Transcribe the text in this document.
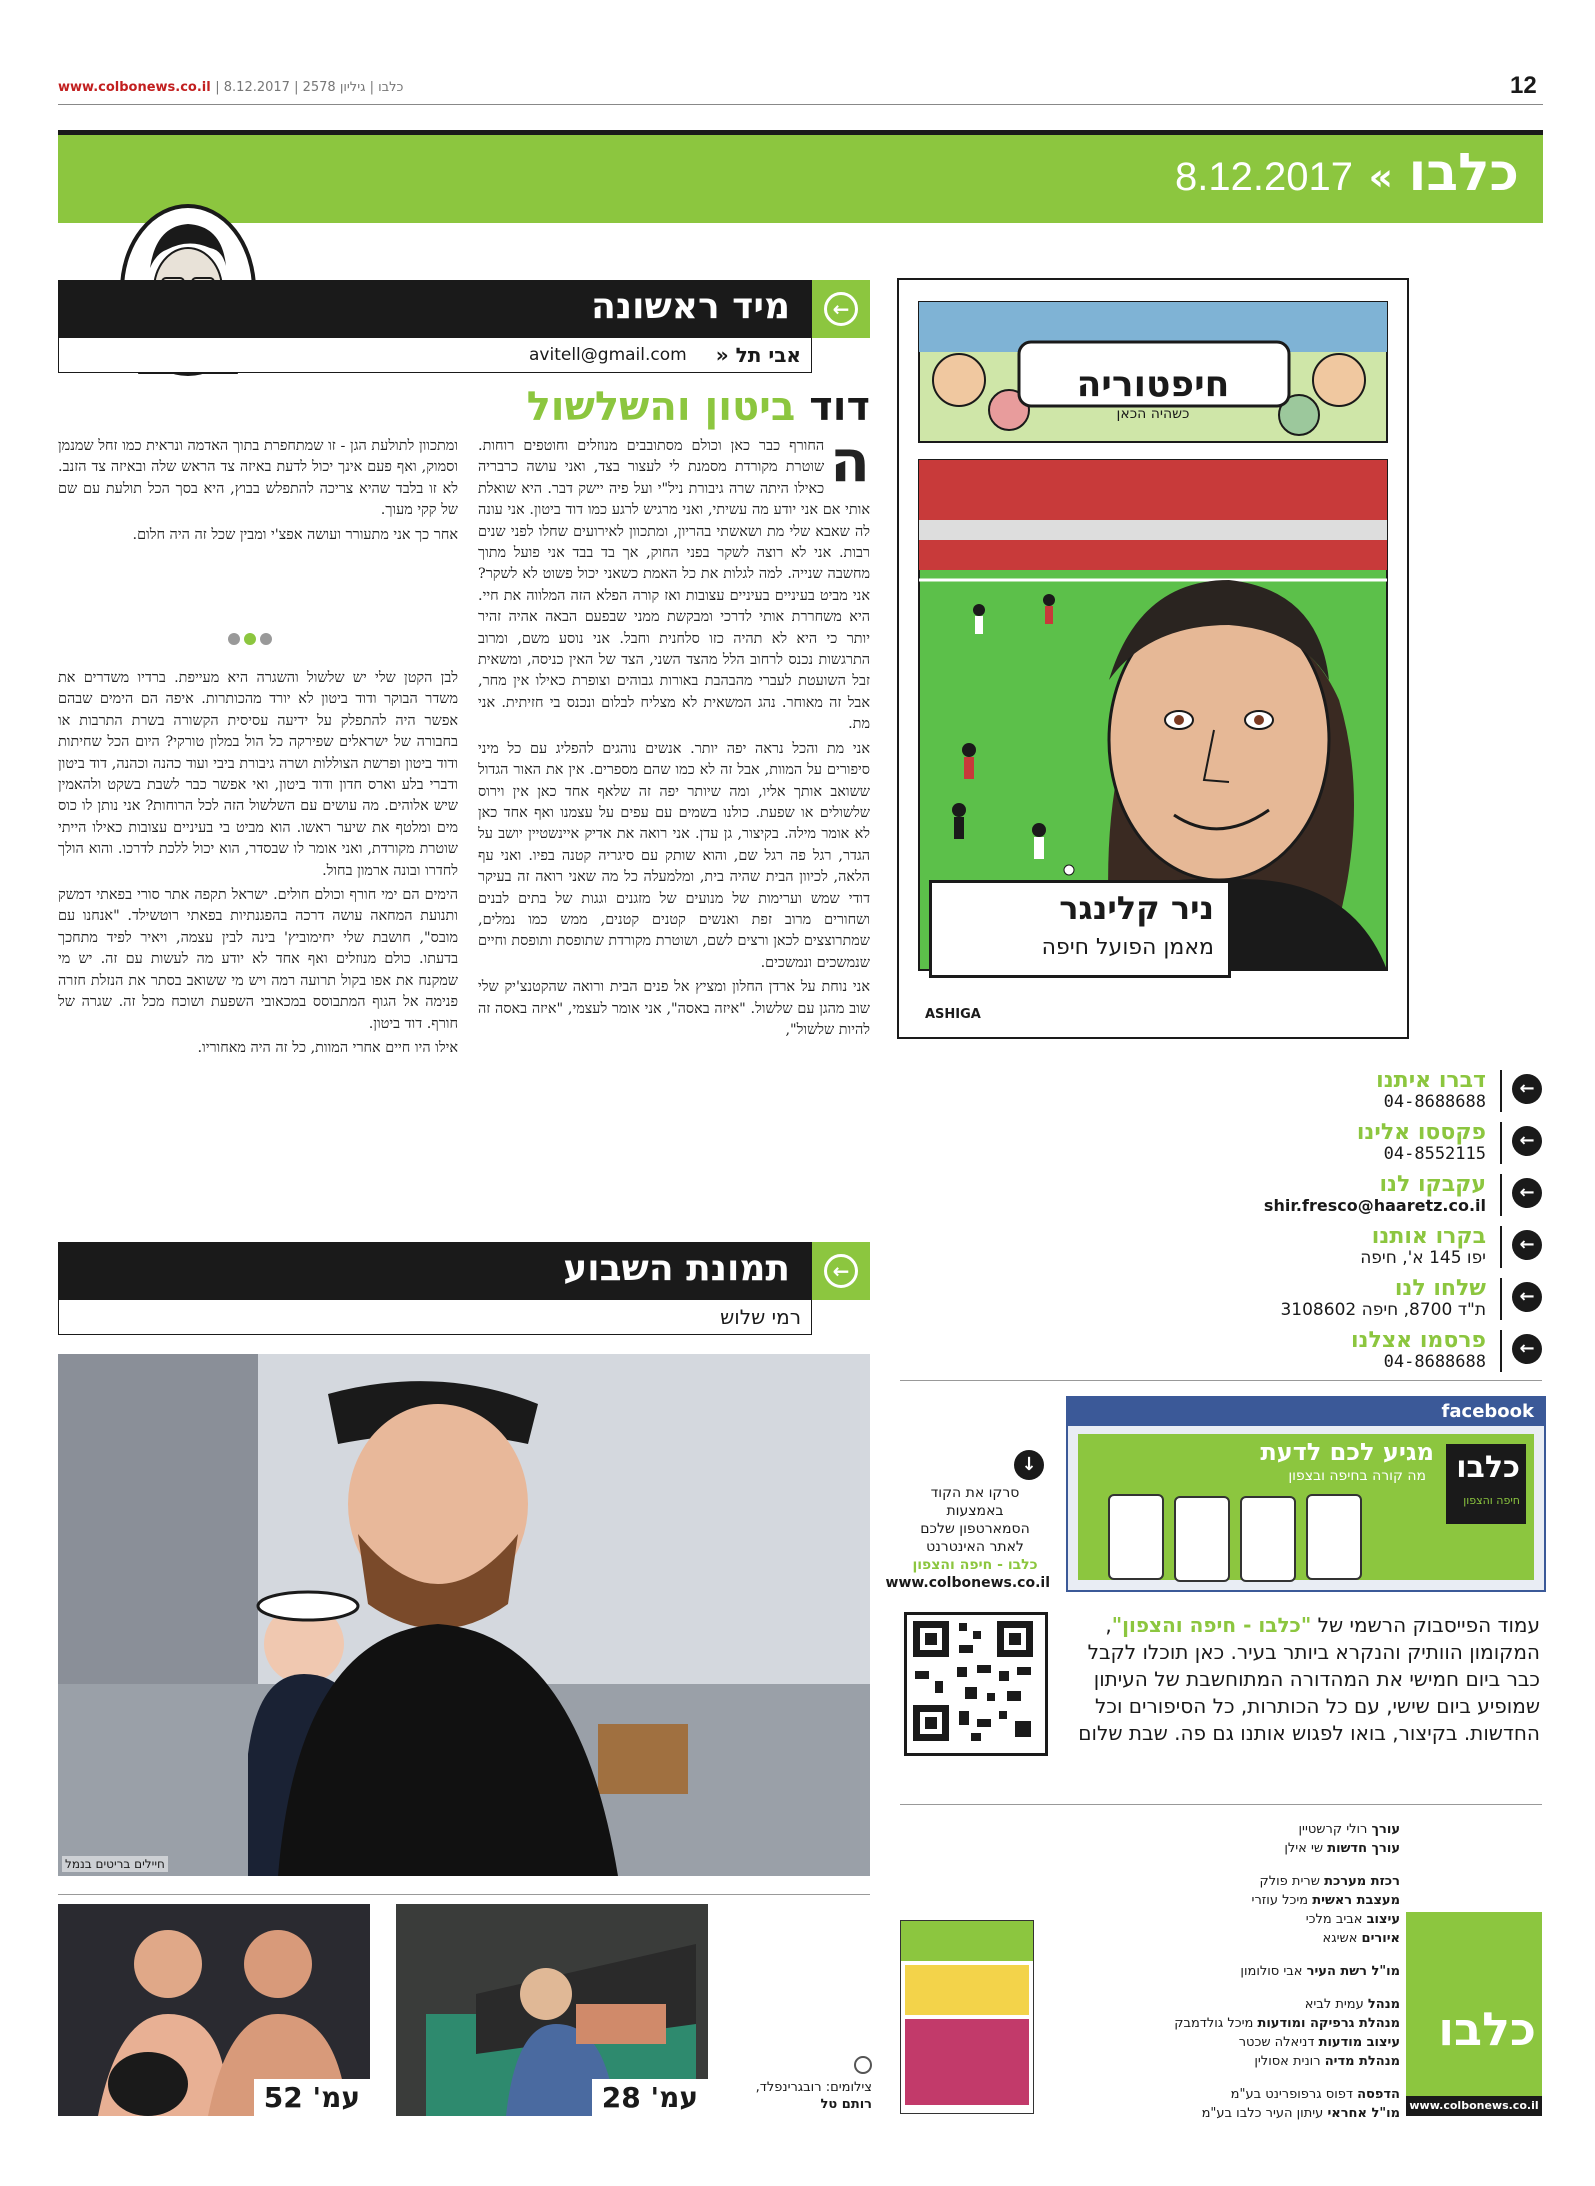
www.colbonews.co.il | כלבו | גיליון 2578 | 8.12.2017	12
כלבו
«
8.12.2017
מיד ראשונה	←
אבי תל «
avitell@gmail.com
דוד ביטון והשלשול

ה
החורף כבר כאן וכולם מסתובבים מנוזלים וחוטפים רוחות. שוטרת מקורדת מסמנת לי לעצור בצד, ואני עושה כרבריה כאילו היתה שרה גיבורת ניל"י ועל פיה יישק דבר. היא שואלת אותי אם אני יודע מה עשיתי, ואני מרגיש לרגע כמו דוד ביטון. אני עונה לה שאבא שלי מת ושאשתי בהריון, ומתכוון לאירועים שחלו לפני שנים רבות. אני לא רוצה לשקר בפני החוק, אך בד בבד אני פועל מתוך מחשבה שנייה. למה לגלות את כל האמת כשאני יכול פשוט לא לשקר? אני מביט בעיניים בעיניים עצובות ואז קורה הפלא הזה המלווה את חיי. היא משחררת אותי לדרכי ומבקשת ממני שבפעם הבאה אהיה זהיר יותר כי היא לא תהיה כזו סלחנית וחבל. אני נוסע משם, ומרוב התרגשות נכנס לרחוב הלל מהצד השני, הצד של האין כניסה, ומשאית זבל השועטת לעברי מהבהבת באורות גבוהים וצופרת כאילו אין מחר, אבל זה מאוחר. נהג המשאית לא מצליח לבלום ונכנס בי חזיתית. אני מת.

אני מת והכל נראה יפה יותר. אנשים נוהגים להפליג עם כל מיני סיפורים על המוות, אבל זה לא כמו שהם מספרים. אין את האור הגדול ששואב אותך אליו, ומה שיותר יפה זה שלאף אחד כאן אין וירוס שלשולים או שפעת. כולנו בשמים עם עפים על עצמנו ואף אחד כאן לא אומר מילה. בקיצור, גן עדן. אני רואה את אדיק איינשטיין יושב על הגדר, רגל פה רגל שם, והוא שותק עם סיגריה קטנה בפיו. ואני עף הלאה, לכיוון הבית שהיה בית, ומלמעלה כל מה שאני רואה זה בעיקר דודי שמש וערימות של מנועים של מזגנים וגגות של בתים לבנים ושחורים מרוב זפת ואנשים קטנים קטנים, ממש כמו נמלים, שמתרוצצים לכאן ורצים לשם, ושוטרת מקורדת שתופסת ותופסת וחיים שנמשכים ונמשכים.

אני נוחת על ארדן החלון ומציץ אל פנים הבית ורואה שהקטנצ'יק שלי שוב מהגן עם שלשול. "איזה באסה", אני אומר לעצמי, "איזה באסה זה להיות שלשול",

ומתכוון לתולעת הגן - זו שמתחפרת בתוך האדמה ונראית כמו זחל שמנמן וסמוק, ואף פעם אינך יכול לדעת באיזה צד הראש שלה ובאיזה צד הזנב. לא זו בלבד שהיא צריכה להתפלש בבוץ, היא בסך הכל תולעת עם שם של קקי מעוך.

אחר כך אני מתעורר ועושה אפצ'י ומבין שכל זה היה חלום.

לבן הקטן שלי יש שלשול והשגרה היא מעייפת. ברדיו משדרים את משדר הבוקר ודוד ביטון לא יורד מהכותרות. איפה הם הימים שבהם אפשר היה להתפלק על ידיעה עסיסית הקשורה בשרת התרבות או בחבורה של ישראלים שפירקה כל הול במלון טורקי? היום הכל שחיתות ודוד ביטון ופרשת הצוללות ושרה גיבורת ביבי ועוד כהנה וכהנה, דוד ביטון ודברי בלע וארס חדון ודוד ביטון, ואי אפשר כבר לשבת בשקט ולהאמין שיש אלוהים. מה עושים עם השלשול הזה לכל הרוחות? אני נותן לו כוס מים ומלטף את שיער ראשו. הוא מביט בי בעיניים עצובות כאילו הייתי שוטרת מקורדת, ואני אומר לו שבסדר, הוא יכול ללכת לדרכו. והוא הולך לחדרו ובונה ארמון בחול.

הימים הם ימי חורף וכולם חולים. ישראל תקפה אתר סורי בפאתי דמשק ותנועת המחאה עושה דרכה בהפגנתיות בפאתי רוטשילד. "אנחנו עם מובס", חושבת שלי יחימוביץ' בינה לבין עצמה, ויאיר לפיד מתחכך בדעתו. כולם מנוזלים ואף אחד לא יודע מה לעשות עם זה. יש מי שמקנח את אפו בקול תרועה רמה ויש מי ששואב בסתר את הנזלת חזרה פנימה אל הגוף המתבוסס במכאובי השפעת ושוכח מכל זה. שגרה של חורף. דוד ביטון.

אילו היו חיים אחרי המוות, כל זה היה מאחוריו.

חיפטוריה
כשהיה הכאן
ניר קלינגר
מאמן הפועל חיפה
ASHIGA
דברו איתנו
04-8688688
←
פקססו אלינו
04-8552115
←
עקבקו לנו
shir.fresco@haaretz.co.il
←
בקרו אותנו
יפו 145 א', חיפה
←
שלחו לנו
ת"ד 8700, חיפה 3108602
←
פרסמו אצלנו
04-8688688
←
facebook
מגיע לכם לדעת
מה קורה בחיפה ובצפון כלבו
חיפה והצפון
↓
סרקו את הקוד
באמצעות
הסמארטפון שלכם
לאתר האינטרנט
כלבו - חיפה והצפון
www.colbonews.co.il
עמוד הפייסבוק הרשמי של "כלבו - חיפה והצפון", המקומון הוותיק והנקרא ביותר בעיר. כאן תוכלו לקבל כבר ביום חמישי את המהדורה המתוחשבת של העיתון שמופיע ביום שישי, עם כל הכותרות, כל הסיפורים וכל החדשות. בקיצור, בואו לפגוש אותנו גם פה. שבת שלום
עורך רולי קרשטיין
עורך חדשות שי אילן
רכזת מערכת שרית פולק
מעצבת ראשית מיכל עוזרי
עיצוב אביב מלכי
איורים אשיגא
מו"ל רשת העיר אבי סולומון
מנהל עמית לביא
מנהלת גרפיקה ומודעות מיכל גולדמבק
עיצוב מודעות דניאלה שכטר
מנהלת מדיה רונית אסולין
הדפסה דפוס גרפופרינט בע"מ
מו"ל אחראי עיתון העיר כלבו בע"מ
כלבו
www.colbonews.co.il
תמונת השבוע	←
רמי שלוש
חיילים בריטים בנמל
עמ' 52	עמ' 28	צילומים: רובגרינפלד,
רותם טל
